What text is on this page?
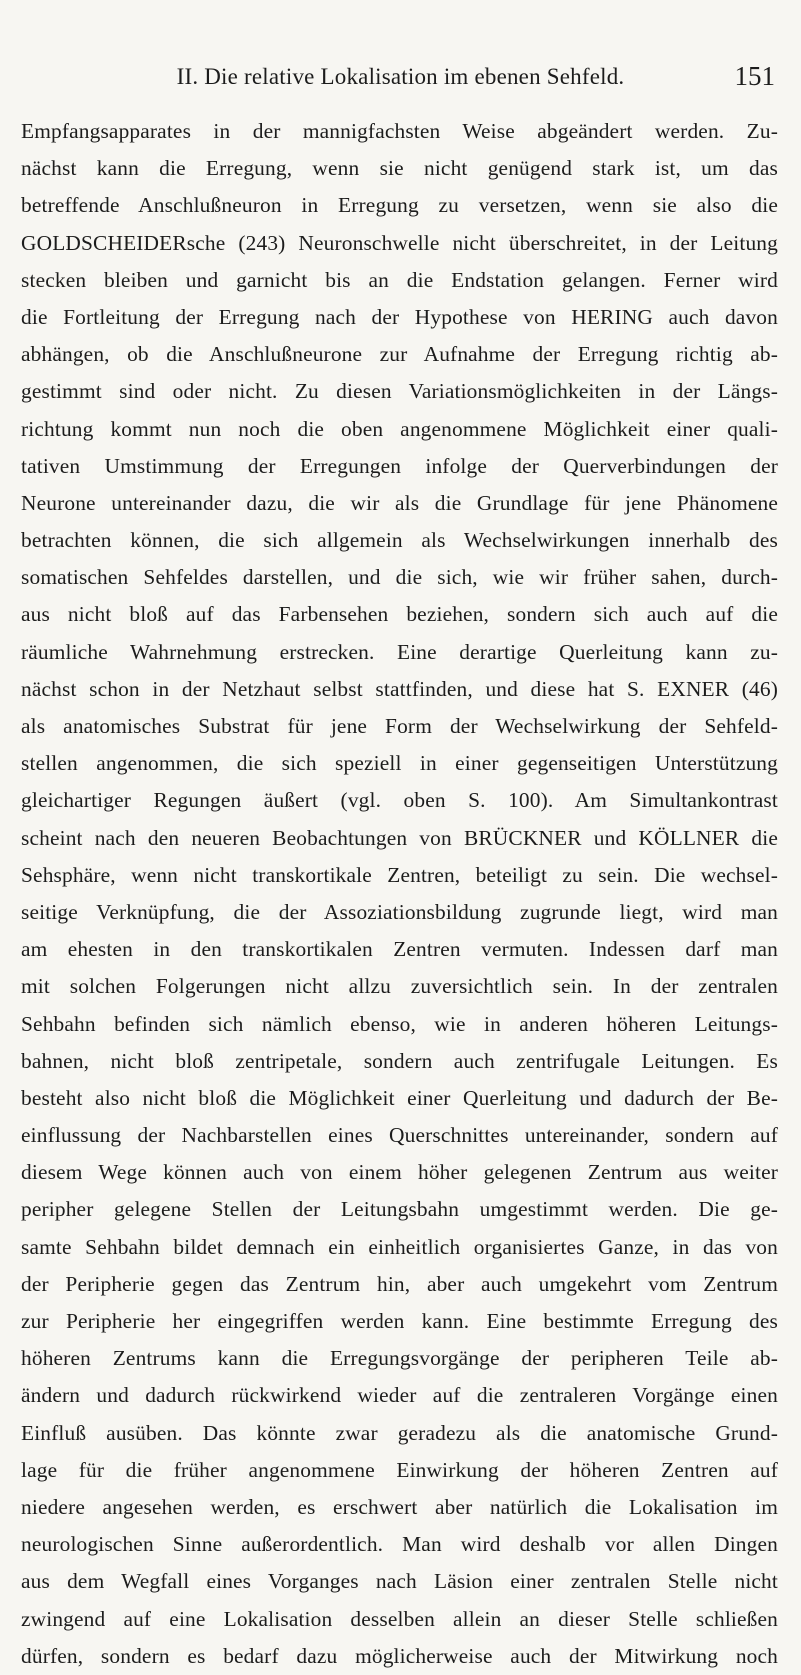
II. Die relative Lokalisation im ebenen Sehfeld.	151
Empfangsapparates in der mannigfachsten Weise abgeändert werden. Zu-
nächst kann die Erregung, wenn sie nicht genügend stark ist, um das
betreffende Anschlußneuron in Erregung zu versetzen, wenn sie also die
GOLDSCHEIDERsche (243) Neuronschwelle nicht überschreitet, in der Leitung
stecken bleiben und garnicht bis an die Endstation gelangen. Ferner wird
die Fortleitung der Erregung nach der Hypothese von HERING auch davon
abhängen, ob die Anschlußneurone zur Aufnahme der Erregung richtig ab-
gestimmt sind oder nicht. Zu diesen Variationsmöglichkeiten in der Längs-
richtung kommt nun noch die oben angenommene Möglichkeit einer quali-
tativen Umstimmung der Erregungen infolge der Querverbindungen der
Neurone untereinander dazu, die wir als die Grundlage für jene Phänomene
betrachten können, die sich allgemein als Wechselwirkungen innerhalb des
somatischen Sehfeldes darstellen, und die sich, wie wir früher sahen, durch-
aus nicht bloß auf das Farbensehen beziehen, sondern sich auch auf die
räumliche Wahrnehmung erstrecken. Eine derartige Querleitung kann zu-
nächst schon in der Netzhaut selbst stattfinden, und diese hat S. EXNER (46)
als anatomisches Substrat für jene Form der Wechselwirkung der Sehfeld-
stellen angenommen, die sich speziell in einer gegenseitigen Unterstützung
gleichartiger Regungen äußert (vgl. oben S. 100). Am Simultankontrast
scheint nach den neueren Beobachtungen von BRÜCKNER und KÖLLNER die
Sehsphäre, wenn nicht transkortikale Zentren, beteiligt zu sein. Die wechsel-
seitige Verknüpfung, die der Assoziationsbildung zugrunde liegt, wird man
am ehesten in den transkortikalen Zentren vermuten. Indessen darf man
mit solchen Folgerungen nicht allzu zuversichtlich sein. In der zentralen
Sehbahn befinden sich nämlich ebenso, wie in anderen höheren Leitungs-
bahnen, nicht bloß zentripetale, sondern auch zentrifugale Leitungen. Es
besteht also nicht bloß die Möglichkeit einer Querleitung und dadurch der Be-
einflussung der Nachbarstellen eines Querschnittes untereinander, sondern auf
diesem Wege können auch von einem höher gelegenen Zentrum aus weiter
peripher gelegene Stellen der Leitungsbahn umgestimmt werden. Die ge-
samte Sehbahn bildet demnach ein einheitlich organisiertes Ganze, in das von
der Peripherie gegen das Zentrum hin, aber auch umgekehrt vom Zentrum
zur Peripherie her eingegriffen werden kann. Eine bestimmte Erregung des
höheren Zentrums kann die Erregungsvorgänge der peripheren Teile ab-
ändern und dadurch rückwirkend wieder auf die zentraleren Vorgänge einen
Einfluß ausüben. Das könnte zwar geradezu als die anatomische Grund-
lage für die früher angenommene Einwirkung der höheren Zentren auf
niedere angesehen werden, es erschwert aber natürlich die Lokalisation im
neurologischen Sinne außerordentlich. Man wird deshalb vor allen Dingen
aus dem Wegfall eines Vorganges nach Läsion einer zentralen Stelle nicht
zwingend auf eine Lokalisation desselben allein an dieser Stelle schließen
dürfen, sondern es bedarf dazu möglicherweise auch der Mitwirkung noch
